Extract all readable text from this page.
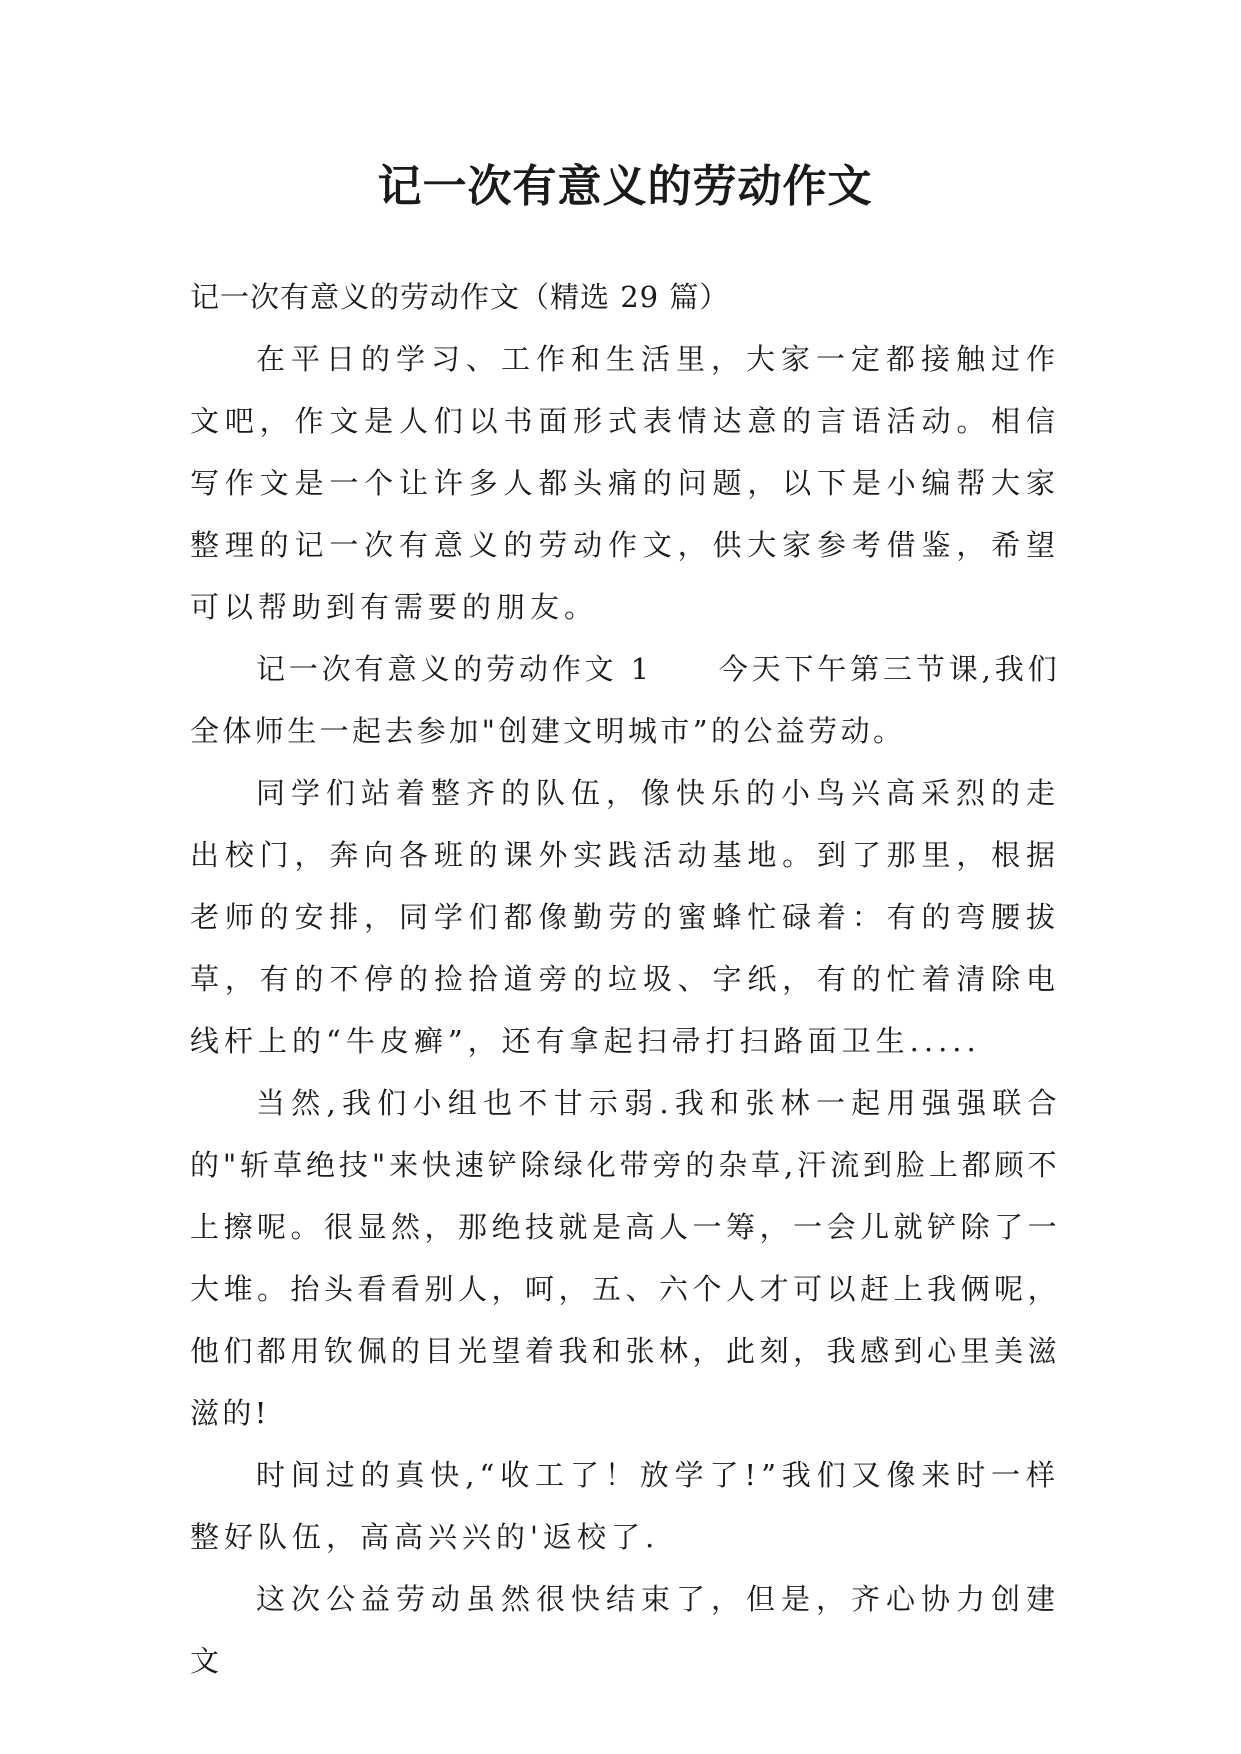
记一次有意义的劳动作文
记一次有意义的劳动作文（精选 29 篇）

在平日的学习、工作和生活里，大家一定都接触过作文吧，作文是人们以书面形式表情达意的言语活动。相信写作文是一个让许多人都头痛的问题，以下是小编帮大家整理的记一次有意义的劳动作文，供大家参考借鉴，希望可以帮助到有需要的朋友。

记一次有意义的劳动作文 1　　今天下午第三节课,我们全体师生一起去参加"创建文明城市”的公益劳动。

同学们站着整齐的队伍，像快乐的小鸟兴高采烈的走出校门，奔向各班的课外实践活动基地。到了那里，根据老师的安排，同学们都像勤劳的蜜蜂忙碌着：有的弯腰拔草，有的不停的捡拾道旁的垃圾、字纸，有的忙着清除电线杆上的“牛皮癣”，还有拿起扫帚打扫路面卫生.....

当然,我们小组也不甘示弱.我和张林一起用强强联合的"斩草绝技"来快速铲除绿化带旁的杂草,汗流到脸上都顾不上擦呢。很显然，那绝技就是高人一筹，一会儿就铲除了一大堆。抬头看看别人，呵，五、六个人才可以赶上我俩呢，他们都用钦佩的目光望着我和张林，此刻，我感到心里美滋滋的!

时间过的真快,“收工了！放学了!”我们又像来时一样整好队伍，高高兴兴的'返校了.

这次公益劳动虽然很快结束了，但是，齐心协力创建文
